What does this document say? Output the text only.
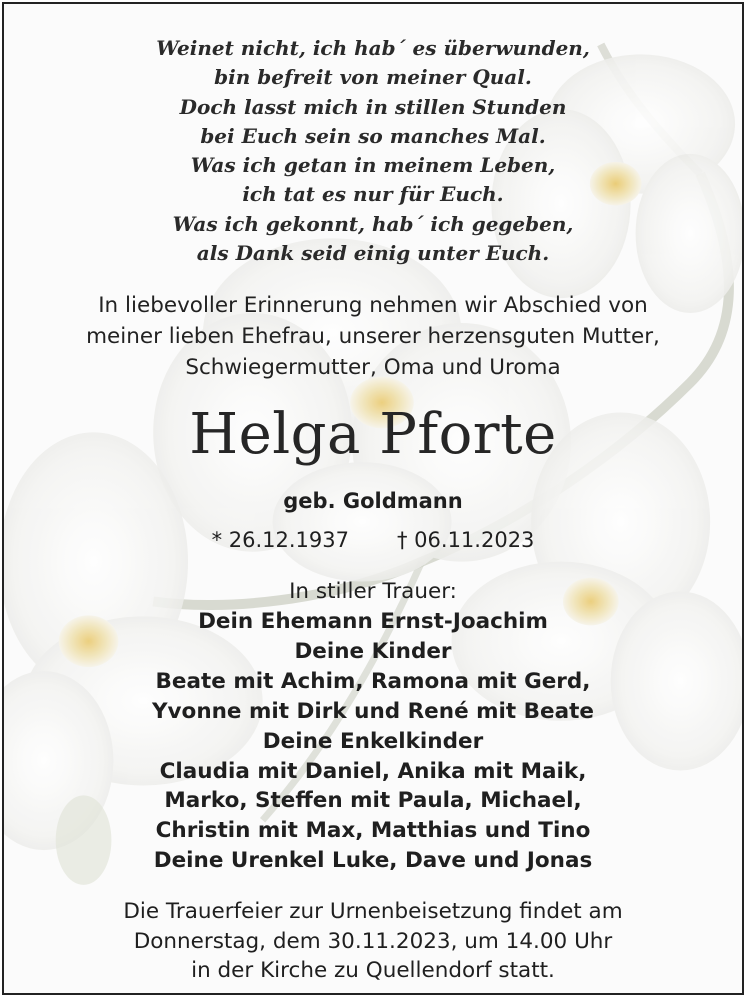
Weinet nicht, ich hab´ es überwunden,
bin befreit von meiner Qual.
Doch lasst mich in stillen Stunden
bei Euch sein so manches Mal.
Was ich getan in meinem Leben,
ich tat es nur für Euch.
Was ich gekonnt, hab´ ich gegeben,
als Dank seid einig unter Euch.
In liebevoller Erinnerung nehmen wir Abschied von
meiner lieben Ehefrau, unserer herzensguten Mutter,
Schwiegermutter, Oma und Uroma
Helga Pforte
geb. Goldmann
* 26.12.1937 † 06.11.2023
In stiller Trauer:
Dein Ehemann Ernst-Joachim
Deine Kinder
Beate mit Achim, Ramona mit Gerd,
Yvonne mit Dirk und René mit Beate
Deine Enkelkinder
Claudia mit Daniel, Anika mit Maik,
Marko, Steffen mit Paula, Michael,
Christin mit Max, Matthias und Tino
Deine Urenkel Luke, Dave und Jonas
Die Trauerfeier zur Urnenbeisetzung findet am
Donnerstag, dem 30.11.2023, um 14.00 Uhr
in der Kirche zu Quellendorf statt.
